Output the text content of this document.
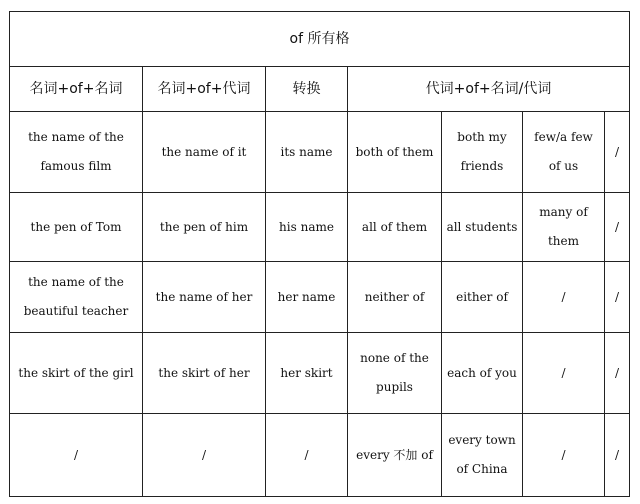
of 所有格						
名词+of+名词	名词+of+代词	转换	代词+of+名词/代词			
the name of the famous film	the name of it	its name	both of them	both my friends	few/a few of us	/
the pen of Tom	the pen of him	his name	all of them	all students	many of them	/
the name of the beautiful teacher	the name of her	her name	neither of	either of	/	/
the skirt of the girl	the skirt of her	her skirt	none of the pupils	each of you	/	/
/	/	/	every 不加 of	every town of China	/	/
